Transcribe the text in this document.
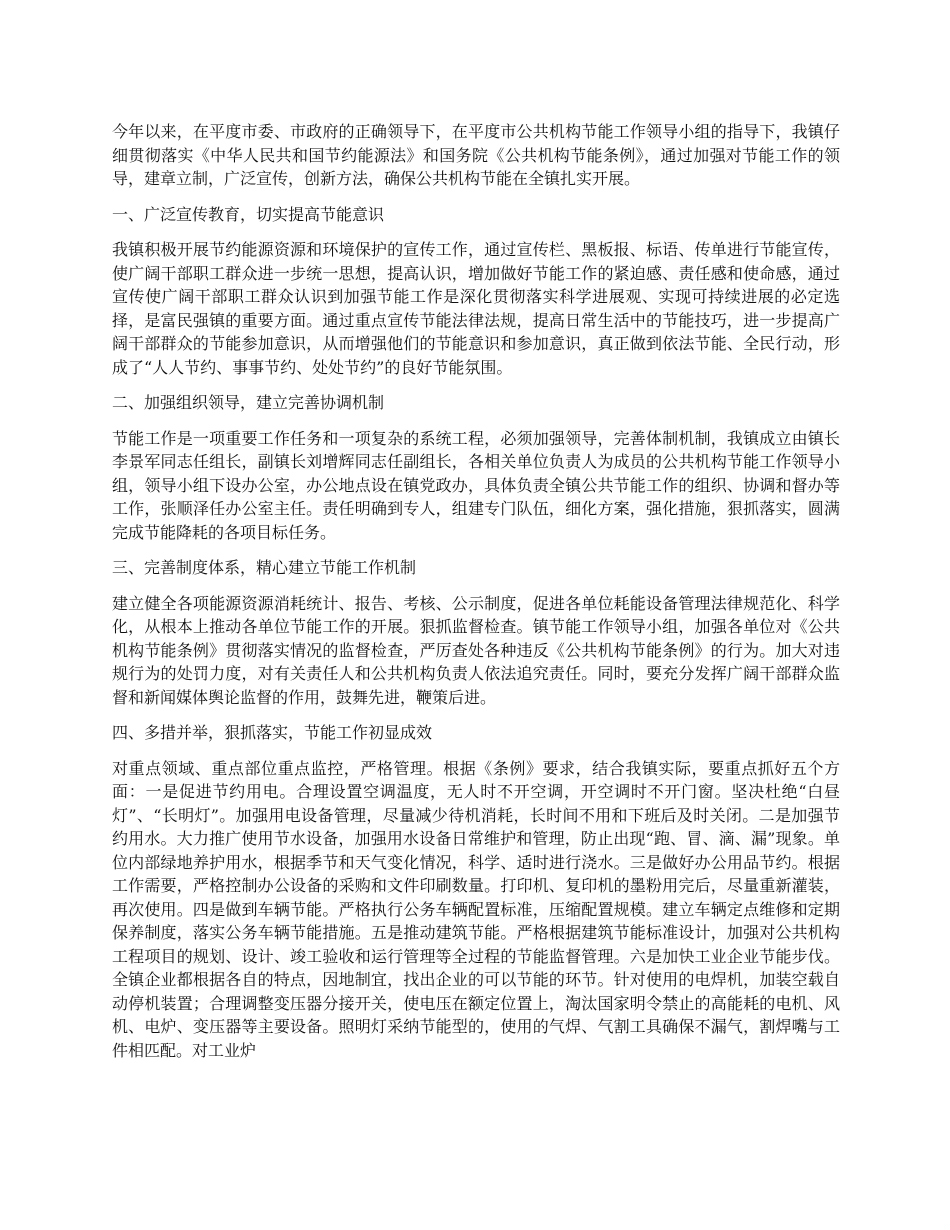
今年以来，在平度市委、市政府的正确领导下，在平度市公共机构节能工作领导小组的指导下，我镇仔细贯彻落实《中华人民共和国节约能源法》和国务院《公共机构节能条例》，通过加强对节能工作的领导，建章立制，广泛宣传，创新方法，确保公共机构节能在全镇扎实开展。

一、广泛宣传教育，切实提高节能意识

我镇积极开展节约能源资源和环境保护的宣传工作，通过宣传栏、黑板报、标语、传单进行节能宣传，使广阔干部职工群众进一步统一思想，提高认识，增加做好节能工作的紧迫感、责任感和使命感，通过宣传使广阔干部职工群众认识到加强节能工作是深化贯彻落实科学进展观、实现可持续进展的必定选择，是富民强镇的重要方面。通过重点宣传节能法律法规，提高日常生活中的节能技巧，进一步提高广阔干部群众的节能参加意识，从而增强他们的节能意识和参加意识，真正做到依法节能、全民行动，形成了“人人节约、事事节约、处处节约”的良好节能氛围。

二、加强组织领导，建立完善协调机制

节能工作是一项重要工作任务和一项复杂的系统工程，必须加强领导，完善体制机制，我镇成立由镇长李景军同志任组长，副镇长刘增辉同志任副组长，各相关单位负责人为成员的公共机构节能工作领导小组，领导小组下设办公室，办公地点设在镇党政办，具体负责全镇公共节能工作的组织、协调和督办等工作，张顺泽任办公室主任。责任明确到专人，组建专门队伍，细化方案，强化措施，狠抓落实，圆满完成节能降耗的各项目标任务。

三、完善制度体系，精心建立节能工作机制

建立健全各项能源资源消耗统计、报告、考核、公示制度，促进各单位耗能设备管理法律规范化、科学化，从根本上推动各单位节能工作的开展。狠抓监督检查。镇节能工作领导小组，加强各单位对《公共机构节能条例》贯彻落实情况的监督检查，严厉查处各种违反《公共机构节能条例》的行为。加大对违规行为的处罚力度，对有关责任人和公共机构负责人依法追究责任。同时，要充分发挥广阔干部群众监督和新闻媒体舆论监督的作用，鼓舞先进，鞭策后进。

四、多措并举，狠抓落实，节能工作初显成效

对重点领域、重点部位重点监控，严格管理。根据《条例》要求，结合我镇实际，要重点抓好五个方面：一是促进节约用电。合理设置空调温度，无人时不开空调，开空调时不开门窗。坚决杜绝“白昼灯”、“长明灯”。加强用电设备管理，尽量减少待机消耗，长时间不用和下班后及时关闭。二是加强节约用水。大力推广使用节水设备，加强用水设备日常维护和管理，防止出现“跑、冒、滴、漏”现象。单位内部绿地养护用水，根据季节和天气变化情况，科学、适时进行浇水。三是做好办公用品节约。根据工作需要，严格控制办公设备的采购和文件印刷数量。打印机、复印机的墨粉用完后，尽量重新灌装，再次使用。四是做到车辆节能。严格执行公务车辆配置标准，压缩配置规模。建立车辆定点维修和定期保养制度，落实公务车辆节能措施。五是推动建筑节能。严格根据建筑节能标准设计，加强对公共机构工程项目的规划、设计、竣工验收和运行管理等全过程的节能监督管理。六是加快工业企业节能步伐。全镇企业都根据各自的特点，因地制宜，找出企业的可以节能的环节。针对使用的电焊机，加装空载自动停机装置；合理调整变压器分接开关，使电压在额定位置上，淘汰国家明令禁止的高能耗的电机、风机、电炉、变压器等主要设备。照明灯采纳节能型的，使用的气焊、气割工具确保不漏气，割焊嘴与工件相匹配。对工业炉
